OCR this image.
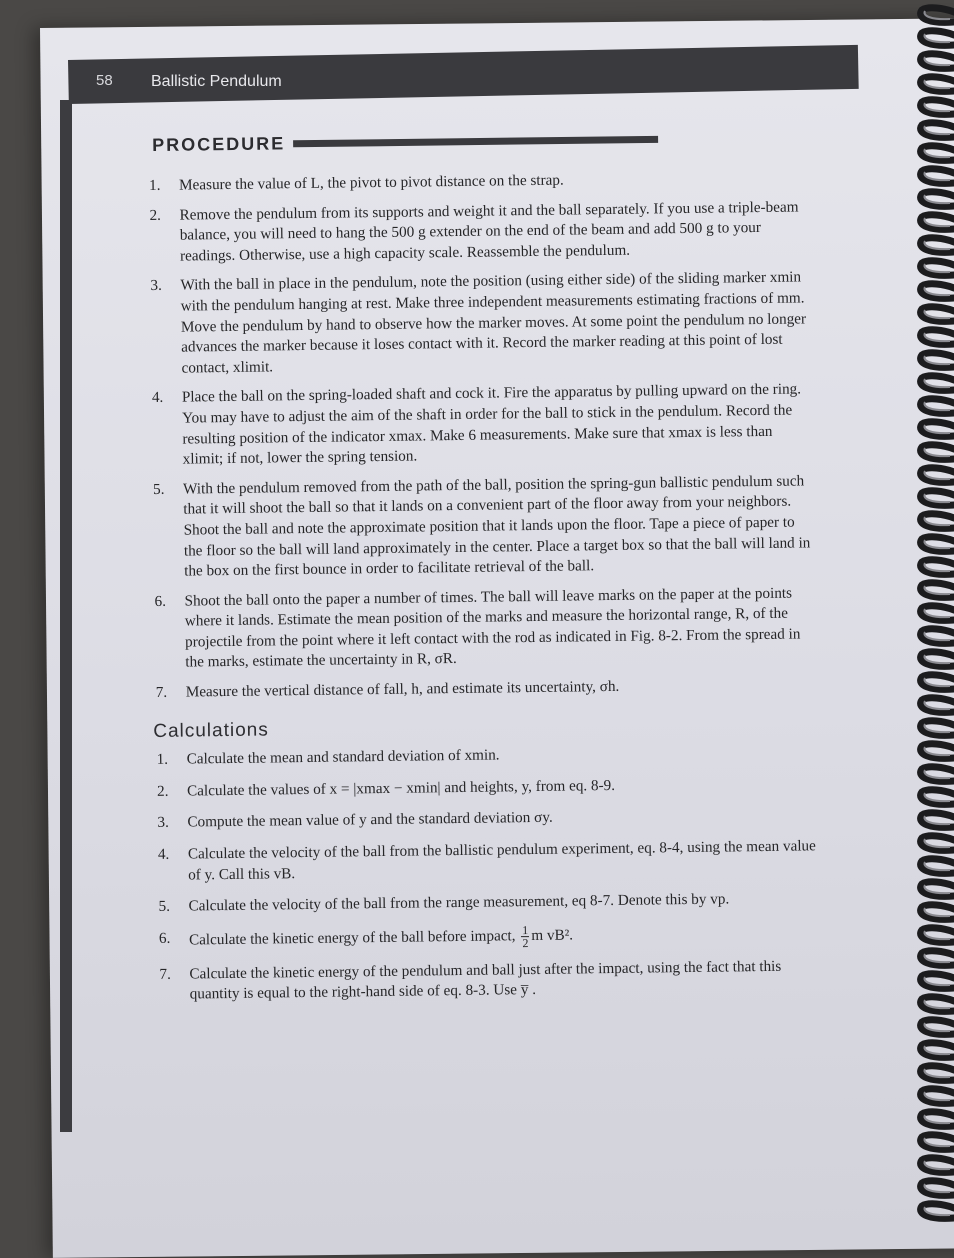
58 Ballistic Pendulum
PROCEDURE
1. Measure the value of L, the pivot to pivot distance on the strap.
2. Remove the pendulum from its supports and weight it and the ball separately. If you use a triple-beam balance, you will need to hang the 500 g extender on the end of the beam and add 500 g to your readings. Otherwise, use a high capacity scale. Reassemble the pendulum.
3. With the ball in place in the pendulum, note the position (using either side) of the sliding marker xmin with the pendulum hanging at rest. Make three independent measurements estimating fractions of mm. Move the pendulum by hand to observe how the marker moves. At some point the pendulum no longer advances the marker because it loses contact with it. Record the marker reading at this point of lost contact, xlimit.
4. Place the ball on the spring-loaded shaft and cock it. Fire the apparatus by pulling upward on the ring. You may have to adjust the aim of the shaft in order for the ball to stick in the pendulum. Record the resulting position of the indicator xmax. Make 6 measurements. Make sure that xmax is less than xlimit; if not, lower the spring tension.
5. With the pendulum removed from the path of the ball, position the spring-gun ballistic pendulum such that it will shoot the ball so that it lands on a convenient part of the floor away from your neighbors. Shoot the ball and note the approximate position that it lands upon the floor. Tape a piece of paper to the floor so the ball will land approximately in the center. Place a target box so that the ball will land in the box on the first bounce in order to facilitate retrieval of the ball.
6. Shoot the ball onto the paper a number of times. The ball will leave marks on the paper at the points where it lands. Estimate the mean position of the marks and measure the horizontal range, R, of the projectile from the point where it left contact with the rod as indicated in Fig. 8-2. From the spread in the marks, estimate the uncertainty in R, σR.
7. Measure the vertical distance of fall, h, and estimate its uncertainty, σh.
Calculations
1. Calculate the mean and standard deviation of xmin.
2. Calculate the values of x = |xmax − xmin| and heights, y, from eq. 8-9.
3. Compute the mean value of y and the standard deviation σy.
4. Calculate the velocity of the ball from the ballistic pendulum experiment, eq. 8-4, using the mean value of y. Call this vB.
5. Calculate the velocity of the ball from the range measurement, eq 8-7. Denote this by vp.
6. Calculate the kinetic energy of the ball before impact, $\frac{1}{2}$ m vB².
7. Calculate the kinetic energy of the pendulum and ball just after the impact, using the fact that this quantity is equal to the right-hand side of eq. 8-3. Use y̅ .
